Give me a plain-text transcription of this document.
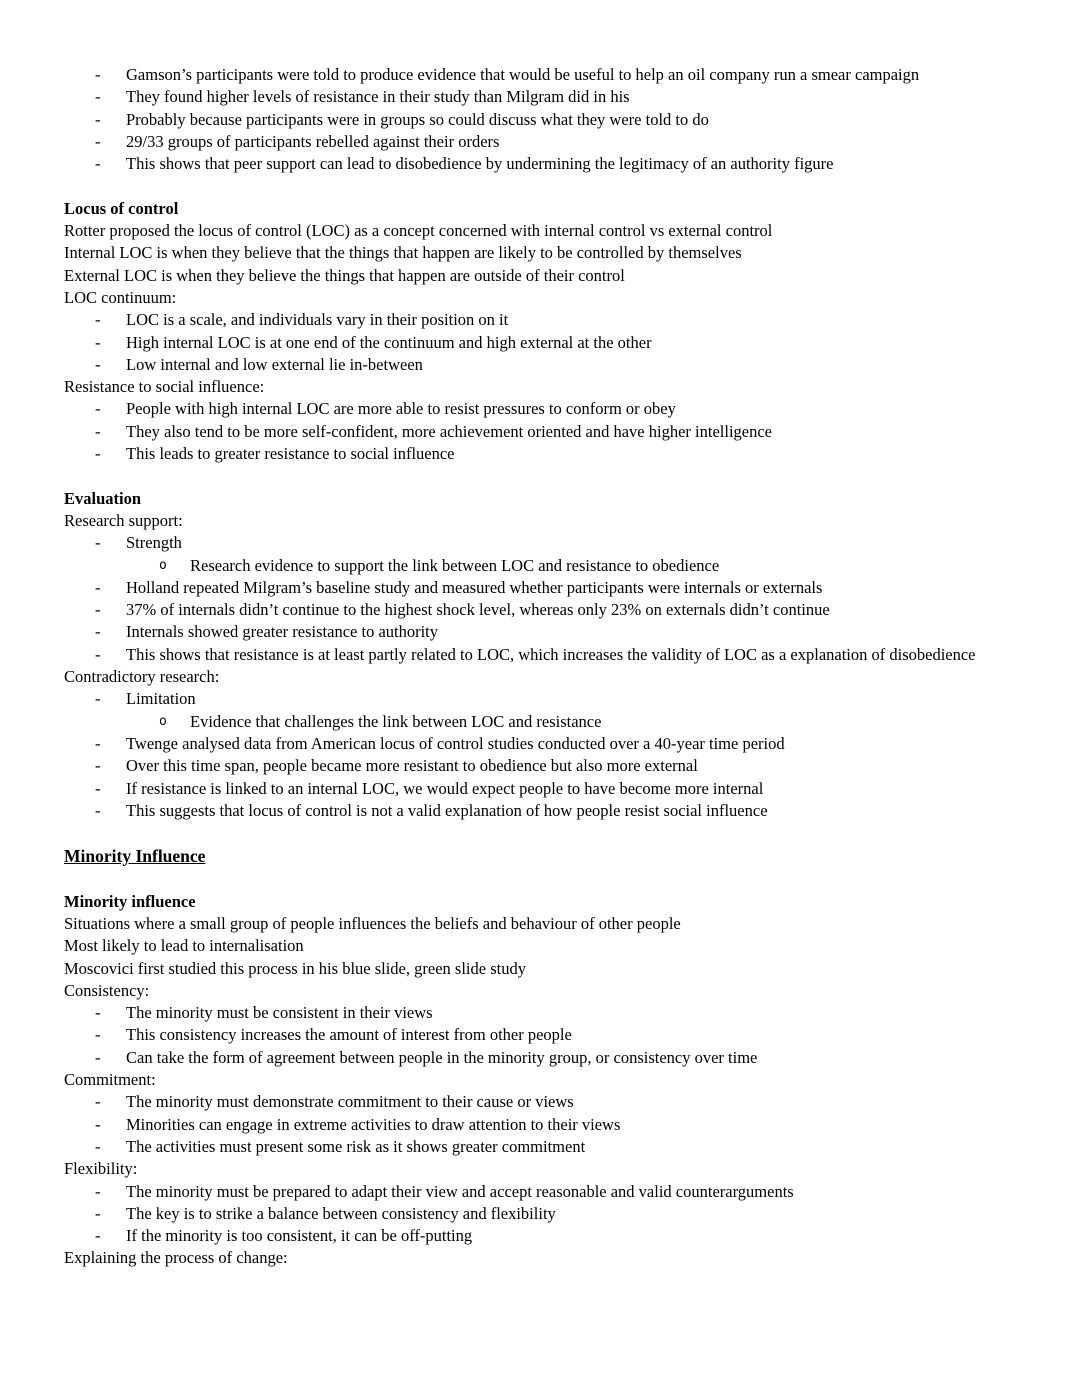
-	Gamson’s participants were told to produce evidence that would be useful to help an oil company run a smear campaign
-	They found higher levels of resistance in their study than Milgram did in his
-	Probably because participants were in groups so could discuss what they were told to do
-	29/33 groups of participants rebelled against their orders
-	This shows that peer support can lead to disobedience by undermining the legitimacy of an authority figure
Locus of control
Rotter proposed the locus of control (LOC) as a concept concerned with internal control vs external control
Internal LOC is when they believe that the things that happen are likely to be controlled by themselves
External LOC is when they believe the things that happen are outside of their control
LOC continuum:
-	LOC is a scale, and individuals vary in their position on it
-	High internal LOC is at one end of the continuum and high external at the other
-	Low internal and low external lie in-between
Resistance to social influence:
-	People with high internal LOC are more able to resist pressures to conform or obey
-	They also tend to be more self-confident, more achievement oriented and have higher intelligence
-	This leads to greater resistance to social influence
Evaluation
Research support:
-	Strength
o	Research evidence to support the link between LOC and resistance to obedience
-	Holland repeated Milgram’s baseline study and measured whether participants were internals or externals
-	37% of internals didn’t continue to the highest shock level, whereas only 23% on externals didn’t continue
-	Internals showed greater resistance to authority
-	This shows that resistance is at least partly related to LOC, which increases the validity of LOC as a explanation of disobedience
Contradictory research:
-	Limitation
o	Evidence that challenges the link between LOC and resistance
-	Twenge analysed data from American locus of control studies conducted over a 40-year time period
-	Over this time span, people became more resistant to obedience but also more external
-	If resistance is linked to an internal LOC, we would expect people to have become more internal
-	This suggests that locus of control is not a valid explanation of how people resist social influence
Minority Influence
Minority influence
Situations where a small group of people influences the beliefs and behaviour of other people
Most likely to lead to internalisation
Moscovici first studied this process in his blue slide, green slide study
Consistency:
-	The minority must be consistent in their views
-	This consistency increases the amount of interest from other people
-	Can take the form of agreement between people in the minority group, or consistency over time
Commitment:
-	The minority must demonstrate commitment to their cause or views
-	Minorities can engage in extreme activities to draw attention to their views
-	The activities must present some risk as it shows greater commitment
Flexibility:
-	The minority must be prepared to adapt their view and accept reasonable and valid counterarguments
-	The key is to strike a balance between consistency and flexibility
-	If the minority is too consistent, it can be off-putting
Explaining the process of change:
